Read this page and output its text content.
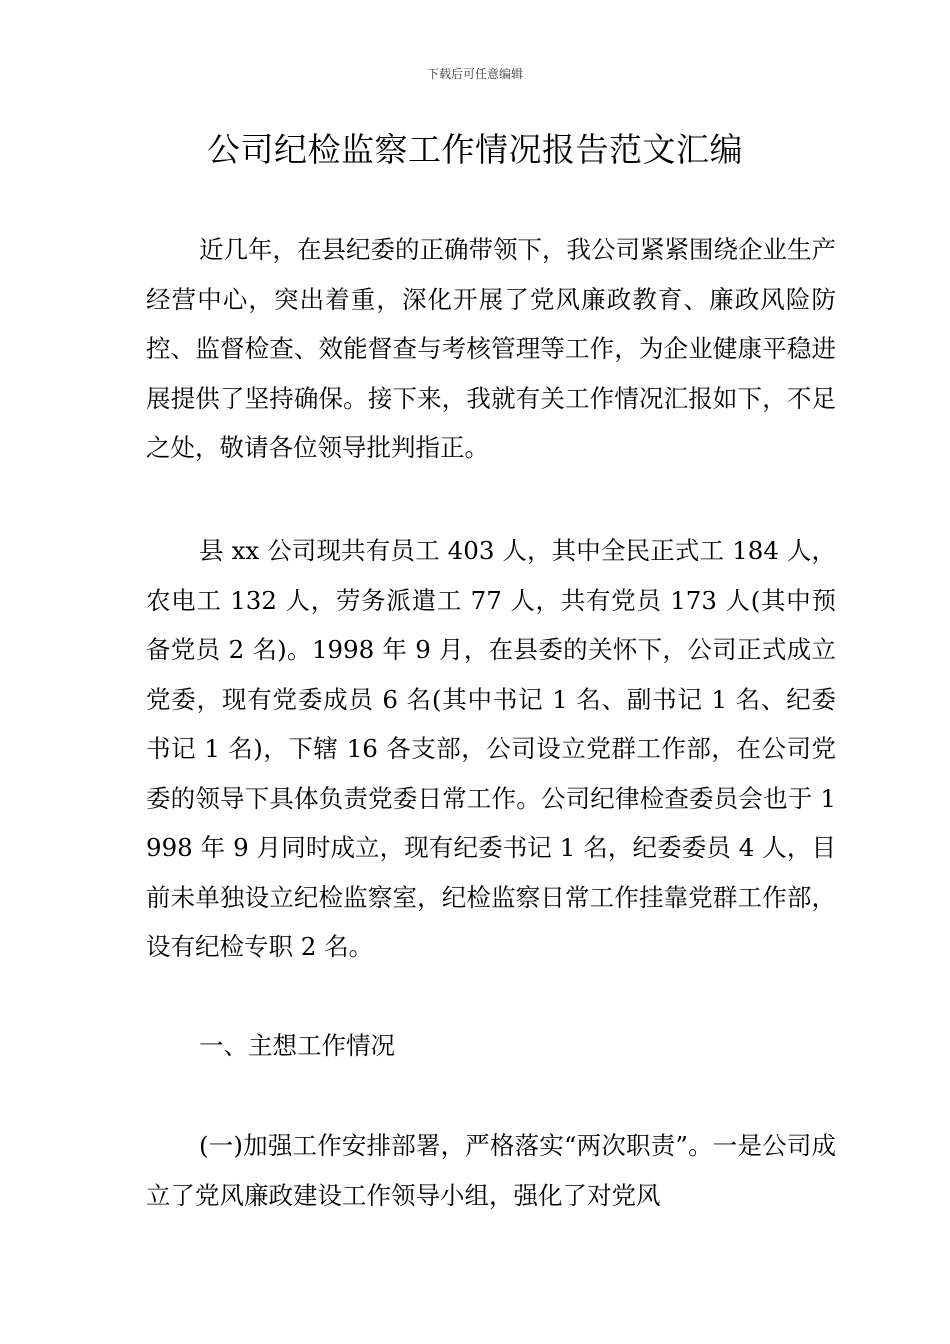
下载后可任意编辑
公司纪检监察工作情况报告范文汇编

近几年，在县纪委的正确带领下，我公司紧紧围绕企业生产经营中心，突出着重，深化开展了党风廉政教育、廉政风险防控、监督检查、效能督查与考核管理等工作，为企业健康平稳进展提供了坚持确保。接下来，我就有关工作情况汇报如下，不足之处，敬请各位领导批判指正。

县 xx 公司现共有员工 403 人，其中全民正式工 184 人，农电工 132 人，劳务派遣工 77 人，共有党员 173 人(其中预备党员 2 名)。1998 年 9 月，在县委的关怀下，公司正式成立党委，现有党委成员 6 名(其中书记 1 名、副书记 1 名、纪委书记 1 名)，下辖 16 各支部，公司设立党群工作部，在公司党委的领导下具体负责党委日常工作。公司纪律检查委员会也于 1998 年 9 月同时成立，现有纪委书记 1 名，纪委委员 4 人，目前未单独设立纪检监察室，纪检监察日常工作挂靠党群工作部，设有纪检专职 2 名。

一、主想工作情况

(一)加强工作安排部署，严格落实“两次职责”。一是公司成立了党风廉政建设工作领导小组，强化了对党风
